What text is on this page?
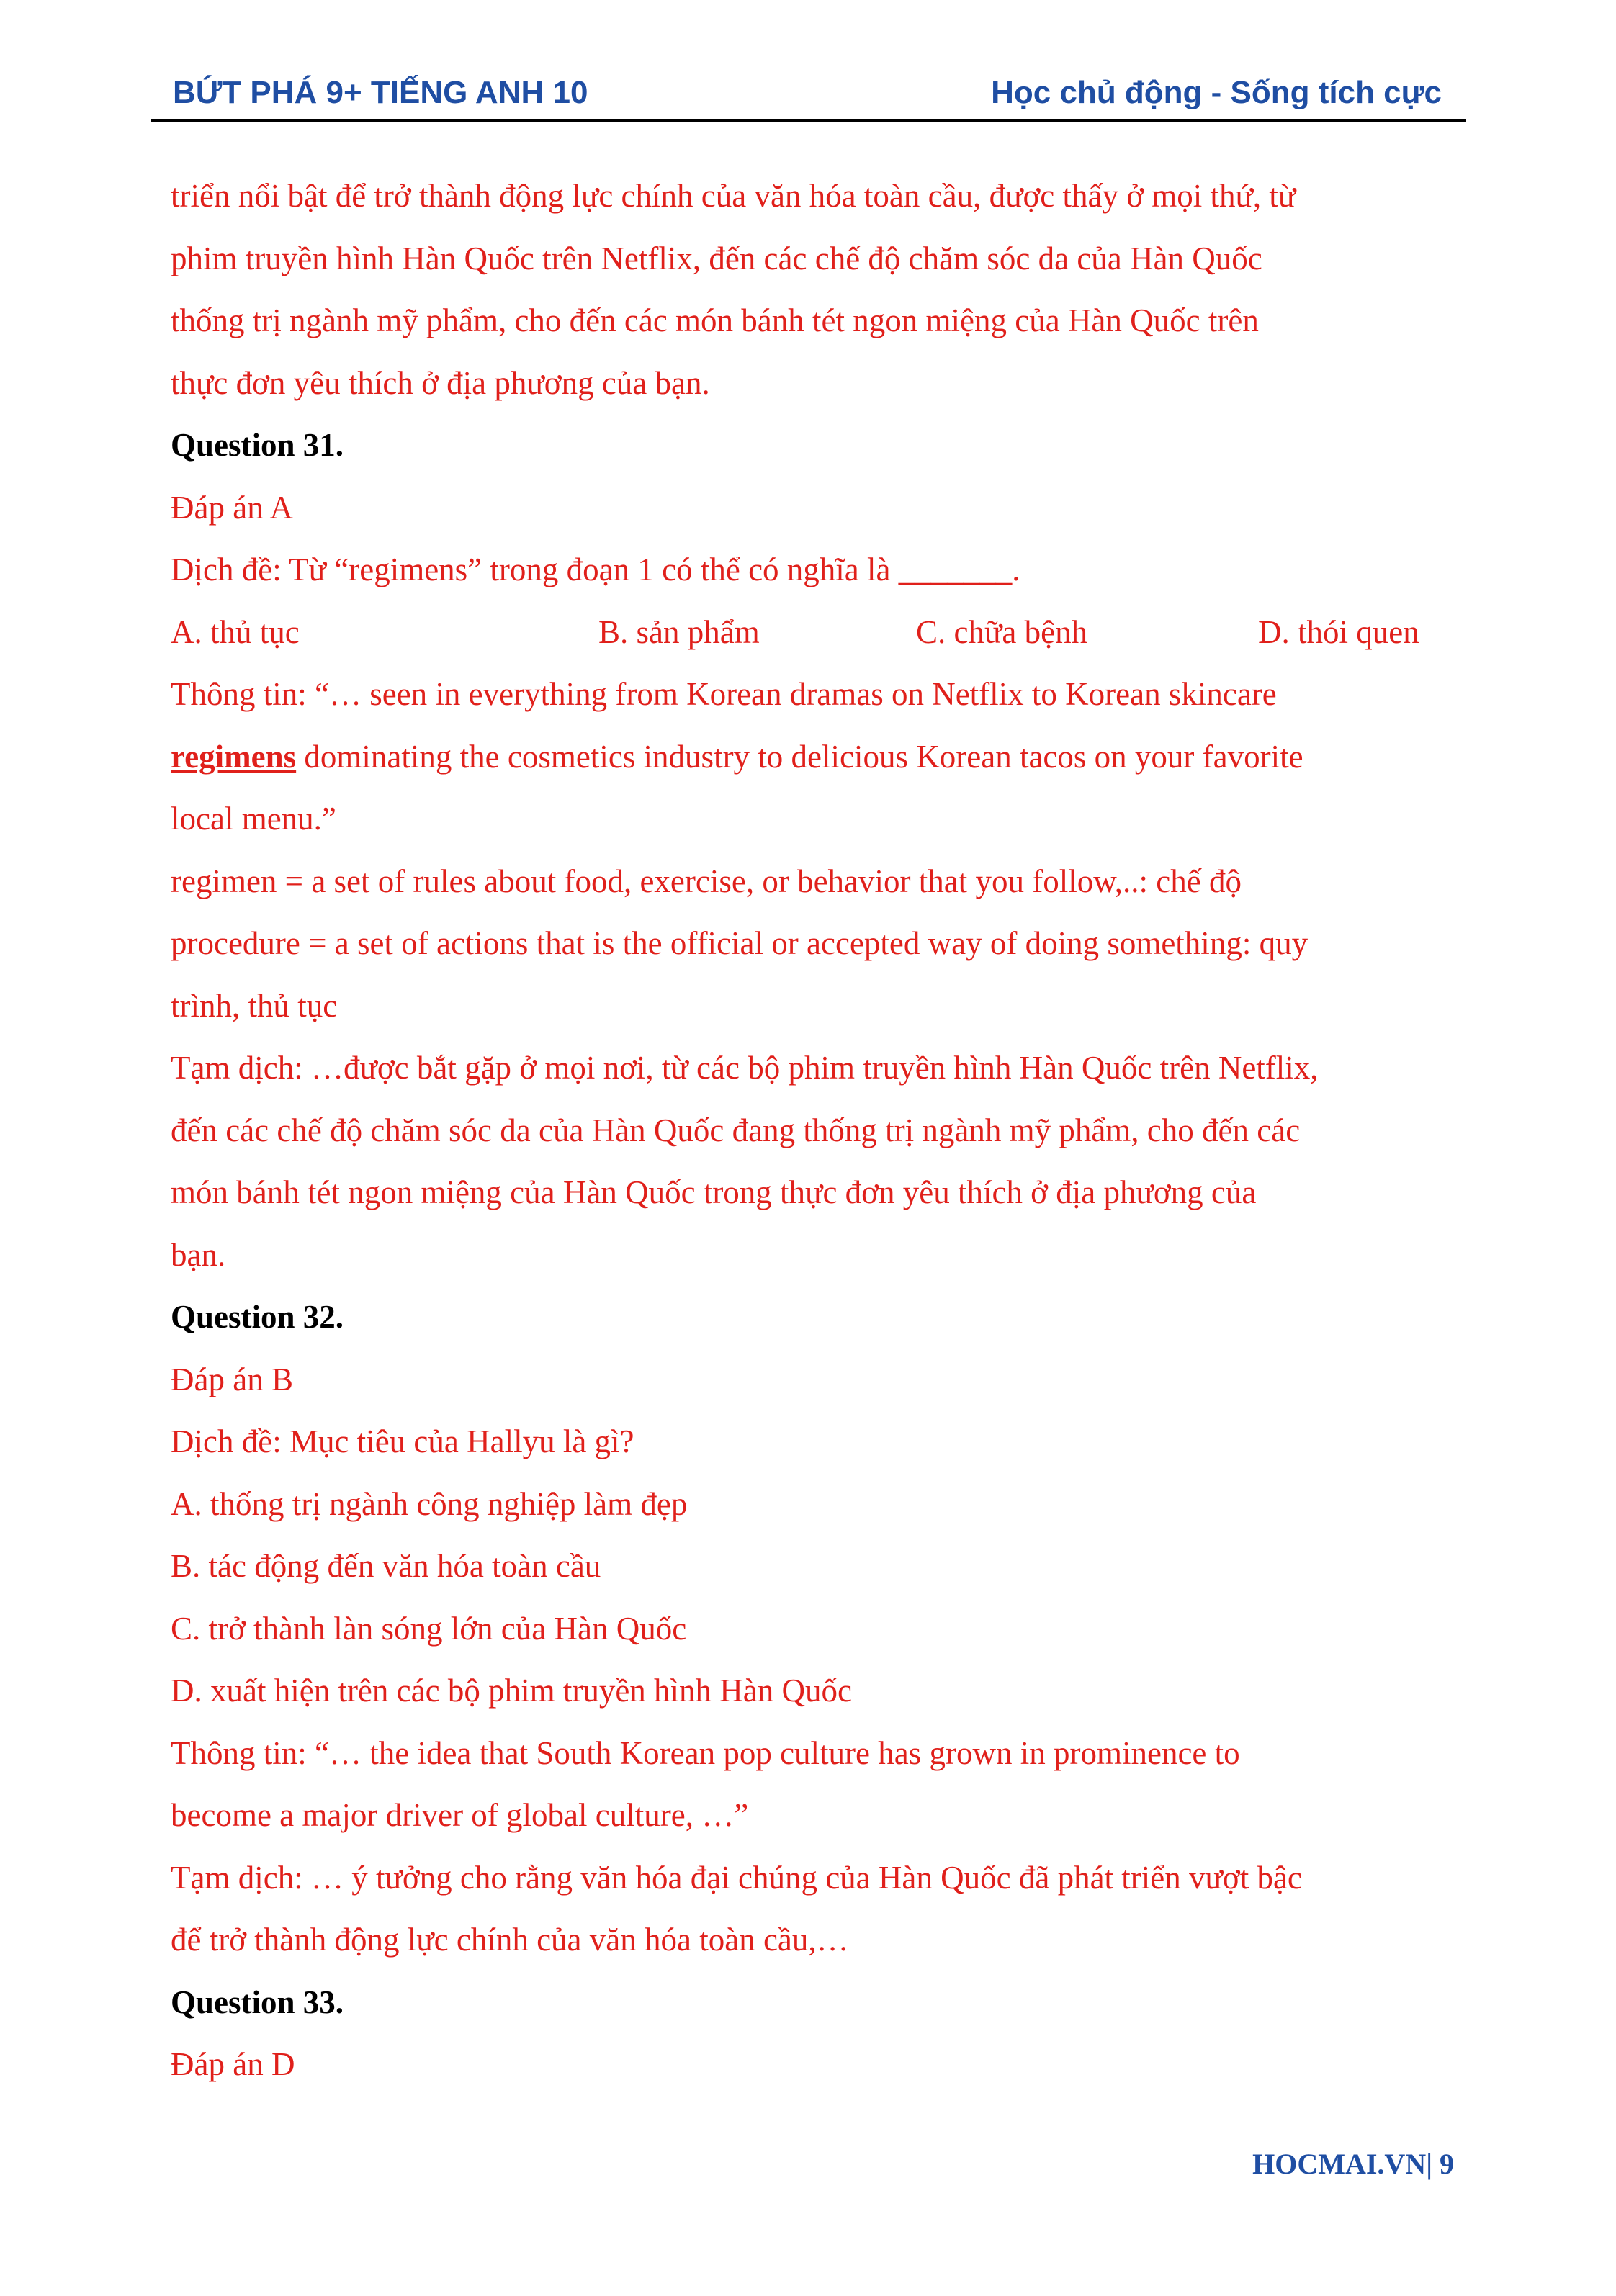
BỨT PHÁ 9+ TIẾNG ANH 10	Học chủ động - Sống tích cực
triển nổi bật để trở thành động lực chính của văn hóa toàn cầu, được thấy ở mọi thứ, từ
phim truyền hình Hàn Quốc trên Netflix, đến các chế độ chăm sóc da của Hàn Quốc
thống trị ngành mỹ phẩm, cho đến các món bánh tét ngon miệng của Hàn Quốc trên
thực đơn yêu thích ở địa phương của bạn.
Question 31.
Đáp án A
Dịch đề: Từ “regimens” trong đoạn 1 có thể có nghĩa là _______.
A. thủ tục	B. sản phẩm	C. chữa bệnh	D. thói quen
Thông tin: “… seen in everything from Korean dramas on Netflix to Korean skincare
regimens dominating the cosmetics industry to delicious Korean tacos on your favorite
local menu.”
regimen = a set of rules about food, exercise, or behavior that you follow,..: chế độ
procedure = a set of actions that is the official or accepted way of doing something: quy
trình, thủ tục
Tạm dịch: …được bắt gặp ở mọi nơi, từ các bộ phim truyền hình Hàn Quốc trên Netflix,
đến các chế độ chăm sóc da của Hàn Quốc đang thống trị ngành mỹ phẩm, cho đến các
món bánh tét ngon miệng của Hàn Quốc trong thực đơn yêu thích ở địa phương của
bạn.
Question 32.
Đáp án B
Dịch đề: Mục tiêu của Hallyu là gì?
A. thống trị ngành công nghiệp làm đẹp
B. tác động đến văn hóa toàn cầu
C. trở thành làn sóng lớn của Hàn Quốc
D. xuất hiện trên các bộ phim truyền hình Hàn Quốc
Thông tin: “… the idea that South Korean pop culture has grown in prominence to
become a major driver of global culture, …”
Tạm dịch: … ý tưởng cho rằng văn hóa đại chúng của Hàn Quốc đã phát triển vượt bậc
để trở thành động lực chính của văn hóa toàn cầu,…
Question 33.
Đáp án D
HOCMAI.VN| 9
